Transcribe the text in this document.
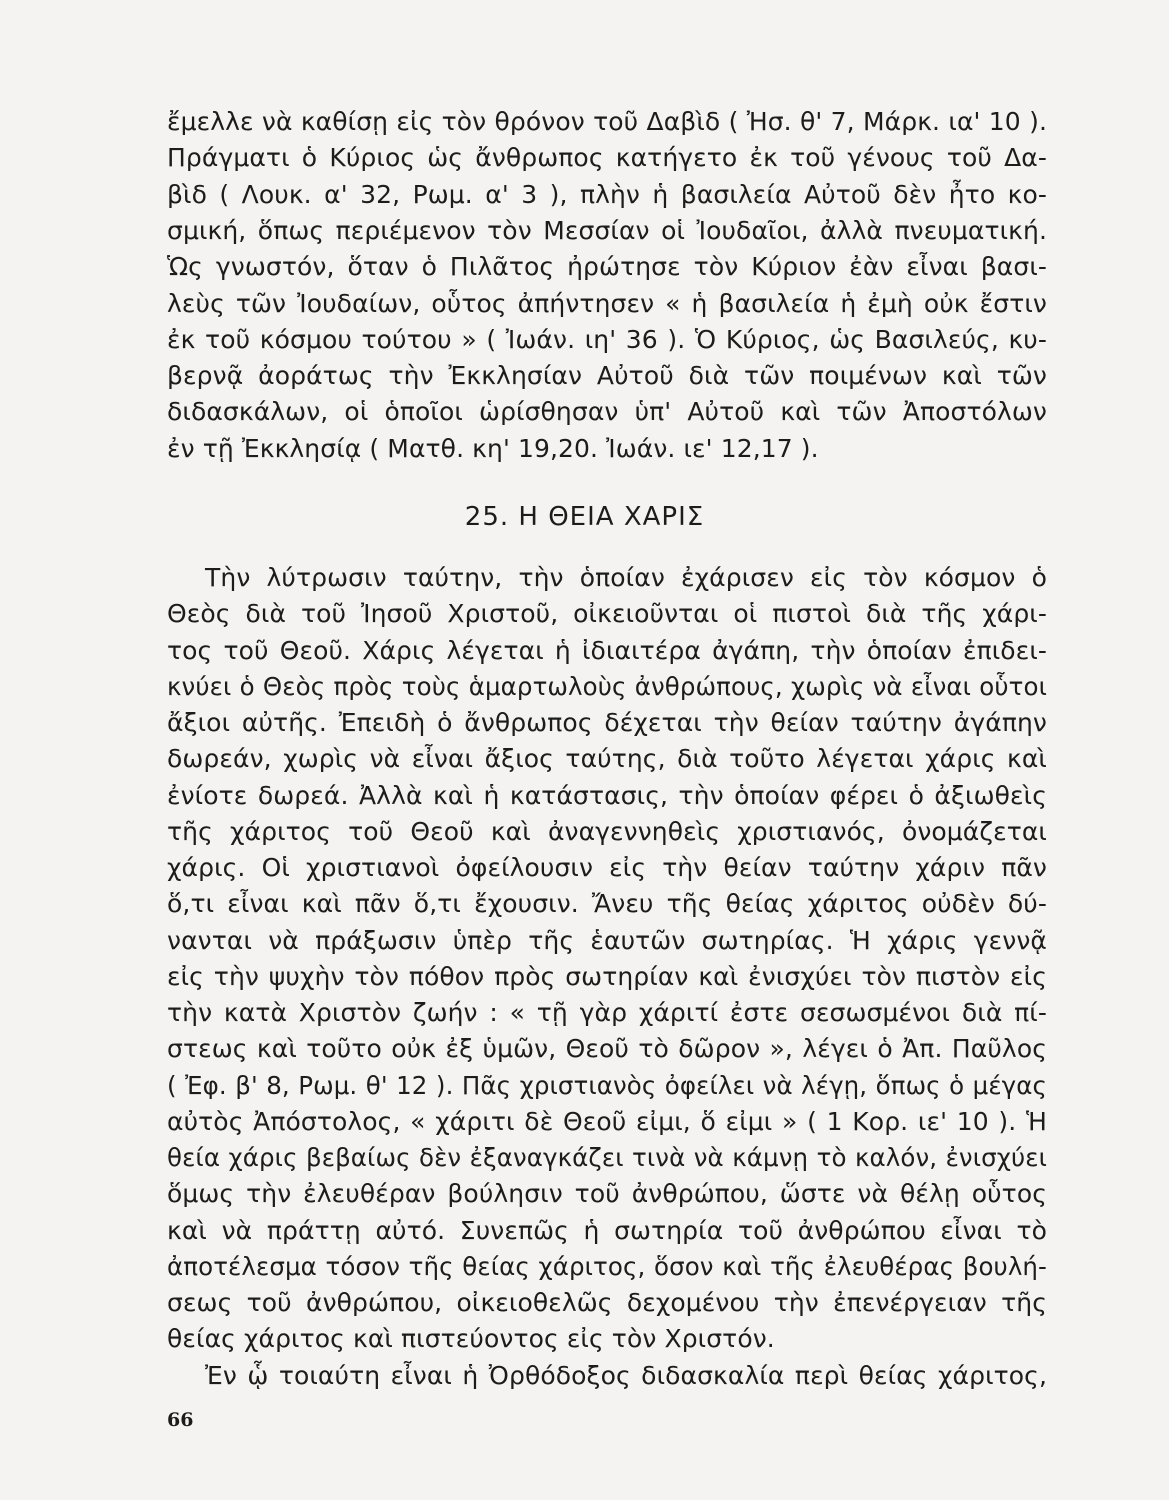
ἔμελλε νὰ καθίσῃ εἰς τὸν θρόνον τοῦ Δαβὶδ ( Ἠσ. θ' 7, Μάρκ. ια' 10 ).
Πράγματι ὁ Κύριος ὡς ἄνθρωπος κατήγετο ἐκ τοῦ γένους τοῦ Δα-
βὶδ ( Λουκ. α' 32, Ρωμ. α' 3 ), πλὴν ἡ βασιλεία Αὐτοῦ δὲν ἦτο κο-
σμική, ὅπως περιέμενον τὸν Μεσσίαν οἱ Ἰουδαῖοι, ἀλλὰ πνευματική.
Ὡς γνωστόν, ὅταν ὁ Πιλᾶτος ἠρώτησε τὸν Κύριον ἐὰν εἶναι βασι-
λεὺς τῶν Ἰουδαίων, οὗτος ἀπήντησεν « ἡ βασιλεία ἡ ἐμὴ οὐκ ἔστιν
ἐκ τοῦ κόσμου τούτου » ( Ἰωάν. ιη' 36 ). Ὁ Κύριος, ὡς Βασιλεύς, κυ-
βερνᾷ ἀοράτως τὴν Ἐκκλησίαν Αὐτοῦ διὰ τῶν ποιμένων καὶ τῶν
διδασκάλων, οἱ ὁποῖοι ὡρίσθησαν ὑπ' Αὐτοῦ καὶ τῶν Ἀποστόλων
ἐν τῇ Ἐκκλησίᾳ ( Ματθ. κη' 19,20. Ἰωάν. ιε' 12,17 ).
25. Η ΘΕΙΑ ΧΑΡΙΣ
Τὴν λύτρωσιν ταύτην, τὴν ὁποίαν ἐχάρισεν εἰς τὸν κόσμον ὁ
Θεὸς διὰ τοῦ Ἰησοῦ Χριστοῦ, οἰκειοῦνται οἱ πιστοὶ διὰ τῆς χάρι-
τος τοῦ Θεοῦ. Χάρις λέγεται ἡ ἰδιαιτέρα ἀγάπη, τὴν ὁποίαν ἐπιδει-
κνύει ὁ Θεὸς πρὸς τοὺς ἁμαρτωλοὺς ἀνθρώπους, χωρὶς νὰ εἶναι οὗτοι
ἄξιοι αὐτῆς. Ἐπειδὴ ὁ ἄνθρωπος δέχεται τὴν θείαν ταύτην ἀγάπην
δωρεάν, χωρὶς νὰ εἶναι ἄξιος ταύτης, διὰ τοῦτο λέγεται χάρις καὶ
ἐνίοτε δωρεά. Ἀλλὰ καὶ ἡ κατάστασις, τὴν ὁποίαν φέρει ὁ ἀξιωθεὶς
τῆς χάριτος τοῦ Θεοῦ καὶ ἀναγεννηθεὶς χριστιανός, ὀνομάζεται
χάρις. Οἱ χριστιανοὶ ὀφείλουσιν εἰς τὴν θείαν ταύτην χάριν πᾶν
ὅ,τι εἶναι καὶ πᾶν ὅ,τι ἔχουσιν. Ἄνευ τῆς θείας χάριτος οὐδὲν δύ-
νανται νὰ πράξωσιν ὑπὲρ τῆς ἑαυτῶν σωτηρίας. Ἡ χάρις γεννᾷ
εἰς τὴν ψυχὴν τὸν πόθον πρὸς σωτηρίαν καὶ ἐνισχύει τὸν πιστὸν εἰς
τὴν κατὰ Χριστὸν ζωήν : « τῇ γὰρ χάριτί ἐστε σεσωσμένοι διὰ πί-
στεως καὶ τοῦτο οὐκ ἐξ ὑμῶν, Θεοῦ τὸ δῶρον », λέγει ὁ Ἀπ. Παῦλος
( Ἐφ. β' 8, Ρωμ. θ' 12 ). Πᾶς χριστιανὸς ὀφείλει νὰ λέγῃ, ὅπως ὁ μέγας
αὐτὸς Ἀπόστολος, « χάριτι δὲ Θεοῦ εἰμι, ὅ εἰμι » ( 1 Κορ. ιε' 10 ). Ἡ
θεία χάρις βεβαίως δὲν ἐξαναγκάζει τινὰ νὰ κάμνῃ τὸ καλόν, ἐνισχύει
ὅμως τὴν ἐλευθέραν βούλησιν τοῦ ἀνθρώπου, ὥστε νὰ θέλῃ οὗτος
καὶ νὰ πράττῃ αὐτό. Συνεπῶς ἡ σωτηρία τοῦ ἀνθρώπου εἶναι τὸ
ἀποτέλεσμα τόσον τῆς θείας χάριτος, ὅσον καὶ τῆς ἐλευθέρας βουλή-
σεως τοῦ ἀνθρώπου, οἰκειοθελῶς δεχομένου τὴν ἐπενέργειαν τῆς
θείας χάριτος καὶ πιστεύοντος εἰς τὸν Χριστόν.
Ἐν ᾧ τοιαύτη εἶναι ἡ Ὀρθόδοξος διδασκαλία περὶ θείας χάριτος,
66
